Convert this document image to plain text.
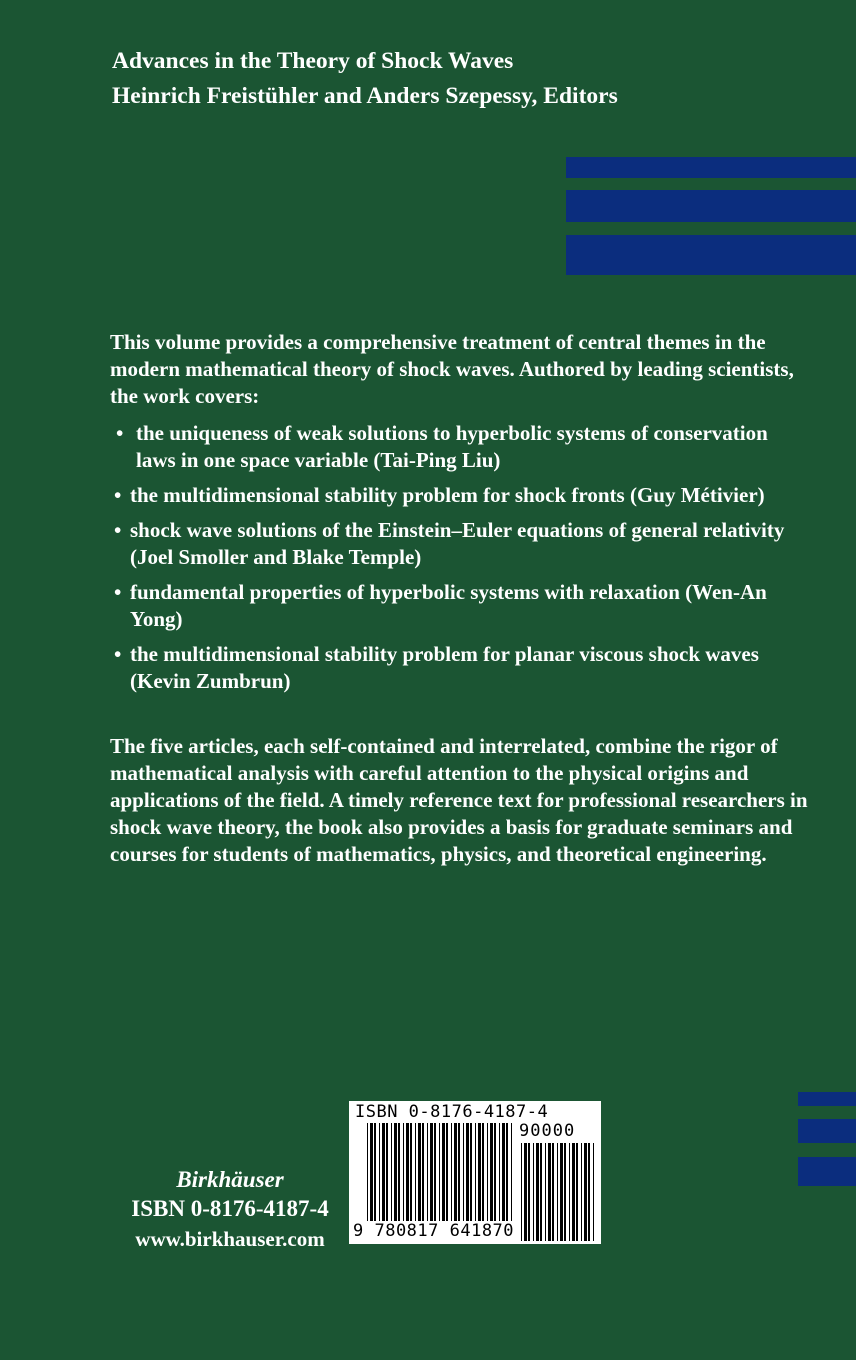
Advances in the Theory of Shock Waves
Heinrich Freistühler and Anders Szepessy, Editors
This volume provides a comprehensive treatment of central themes in the modern mathematical theory of shock waves. Authored by leading scientists, the work covers:
• the uniqueness of weak solutions to hyperbolic systems of conservation laws in one space variable (Tai-Ping Liu)
• the multidimensional stability problem for shock fronts (Guy Métivier)
• shock wave solutions of the Einstein–Euler equations of general relativity (Joel Smoller and Blake Temple)
• fundamental properties of hyperbolic systems with relaxation (Wen-An Yong)
• the multidimensional stability problem for planar viscous shock waves (Kevin Zumbrun)
The five articles, each self-contained and interrelated, combine the rigor of mathematical analysis with careful attention to the physical origins and applications of the field. A timely reference text for professional researchers in shock wave theory, the book also provides a basis for graduate seminars and courses for students of mathematics, physics, and theoretical engineering.
Birkhäuser
ISBN 0-8176-4187-4
www.birkhauser.com
ISBN 0-8176-4187-4
90000
9 780817 641870
